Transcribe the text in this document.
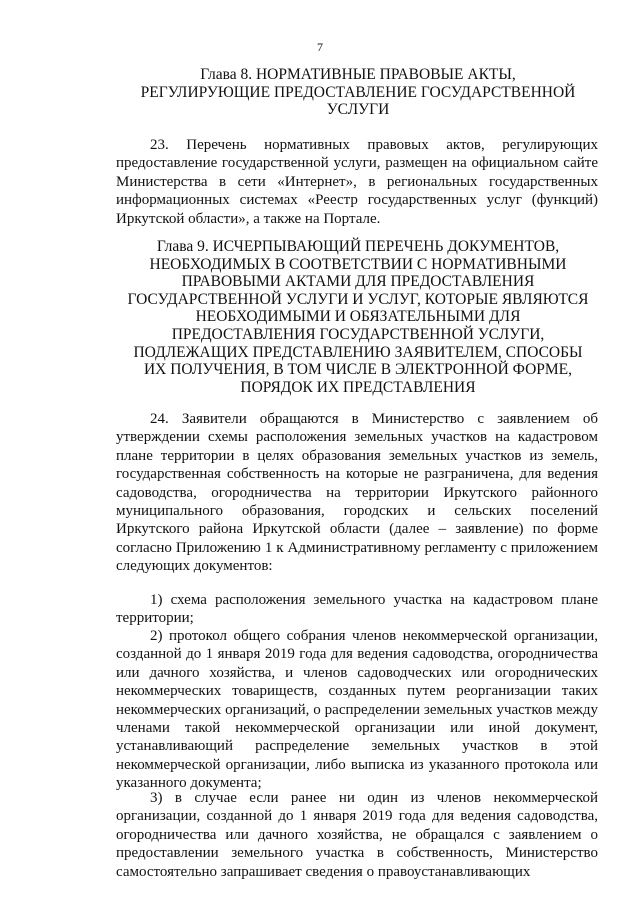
7
Глава 8. НОРМАТИВНЫЕ ПРАВОВЫЕ АКТЫ,
РЕГУЛИРУЮЩИЕ ПРЕДОСТАВЛЕНИЕ ГОСУДАРСТВЕННОЙ
УСЛУГИ

23. Перечень нормативных правовых актов, регулирующих предоставление государственной услуги, размещен на официальном сайте Министерства в сети «Интернет», в региональных государственных информационных системах «Реестр государственных услуг (функций) Иркутской области», а также на Портале.

Глава 9. ИСЧЕРПЫВАЮЩИЙ ПЕРЕЧЕНЬ ДОКУМЕНТОВ,
НЕОБХОДИМЫХ В СООТВЕТСТВИИ С НОРМАТИВНЫМИ
ПРАВОВЫМИ АКТАМИ ДЛЯ ПРЕДОСТАВЛЕНИЯ
ГОСУДАРСТВЕННОЙ УСЛУГИ И УСЛУГ, КОТОРЫЕ ЯВЛЯЮТСЯ
НЕОБХОДИМЫМИ И ОБЯЗАТЕЛЬНЫМИ ДЛЯ
ПРЕДОСТАВЛЕНИЯ ГОСУДАРСТВЕННОЙ УСЛУГИ,
ПОДЛЕЖАЩИХ ПРЕДСТАВЛЕНИЮ ЗАЯВИТЕЛЕМ, СПОСОБЫ
ИХ ПОЛУЧЕНИЯ, В ТОМ ЧИСЛЕ В ЭЛЕКТРОННОЙ ФОРМЕ,
ПОРЯДОК ИХ ПРЕДСТАВЛЕНИЯ

24. Заявители обращаются в Министерство с заявлением об утверждении схемы расположения земельных участков на кадастровом плане территории в целях образования земельных участков из земель, государственная собственность на которые не разграничена, для ведения садоводства, огородничества на территории Иркутского районного муниципального образования, городских и сельских поселений Иркутского района Иркутской области (далее – заявление) по форме согласно Приложению 1 к Административному регламенту с приложением следующих документов:

1) схема расположения земельного участка на кадастровом плане территории;

2) протокол общего собрания членов некоммерческой организации, созданной до 1 января 2019 года для ведения садоводства, огородничества или дачного хозяйства, и членов садоводческих или огороднических некоммерческих товариществ, созданных путем реорганизации таких некоммерческих организаций, о распределении земельных участков между членами такой некоммерческой организации или иной документ, устанавливающий распределение земельных участков в этой некоммерческой организации, либо выписка из указанного протокола или указанного документа;

3) в случае если ранее ни один из членов некоммерческой организации, созданной до 1 января 2019 года для ведения садоводства, огородничества или дачного хозяйства, не обращался с заявлением о предоставлении земельного участка в собственность, Министерство самостоятельно запрашивает сведения о правоустанавливающих
